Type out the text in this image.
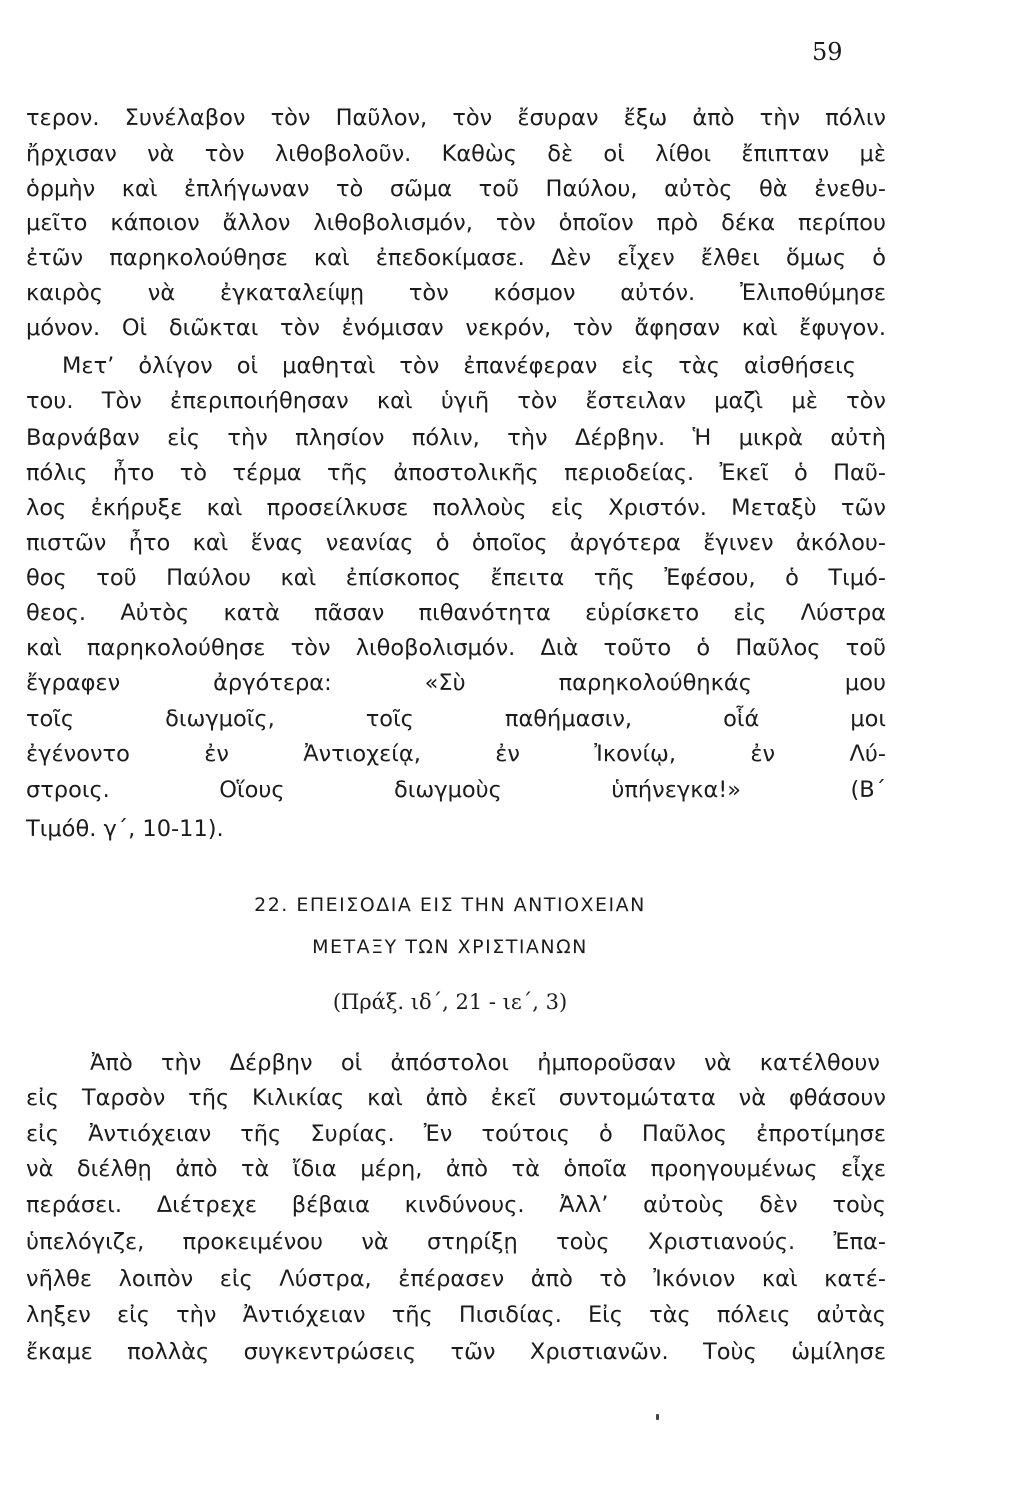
59
τερον. Συνέλαβον τὸν Παῦλον, τὸν ἔσυραν ἔξω ἀπὸ τὴν πόλιν
ἤρχισαν νὰ τὸν λιθοβολοῦν. Καθὼς δὲ οἱ λίθοι ἔπιπταν μὲ
ὁρμὴν καὶ ἐπλήγωναν τὸ σῶμα τοῦ Παύλου, αὐτὸς θὰ ἐνεθυ-
μεῖτο κάποιον ἄλλον λιθοβολισμόν, τὸν ὁποῖον πρὸ δέκα περίπου
ἐτῶν παρηκολούθησε καὶ ἐπεδοκίμασε. Δὲν εἶχεν ἔλθει ὅμως ὁ
καιρὸς νὰ ἐγκαταλείψῃ τὸν κόσμον αὐτόν. Ἐλιποθύμησε
μόνον. Οἱ διῶκται τὸν ἐνόμισαν νεκρόν, τὸν ἄφησαν καὶ ἔφυγον.
Μετ’ ὀλίγον οἱ μαθηταὶ τὸν ἐπανέφεραν εἰς τὰς αἰσθήσεις
του. Τὸν ἐπεριποιήθησαν καὶ ὑγιῆ τὸν ἔστειλαν μαζὶ μὲ τὸν
Βαρνάβαν εἰς τὴν πλησίον πόλιν, τὴν Δέρβην. Ἡ μικρὰ αὐτὴ
πόλις ἦτο τὸ τέρμα τῆς ἀποστολικῆς περιοδείας. Ἐκεῖ ὁ Παῦ-
λος ἐκήρυξε καὶ προσείλκυσε πολλοὺς εἰς Χριστόν. Μεταξὺ τῶν
πιστῶν ἦτο καὶ ἕνας νεανίας ὁ ὁποῖος ἀργότερα ἔγινεν ἀκόλου-
θος τοῦ Παύλου καὶ ἐπίσκοπος ἔπειτα τῆς Ἐφέσου, ὁ Τιμό-
θεος. Αὐτὸς κατὰ πᾶσαν πιθανότητα εὑρίσκετο εἰς Λύστρα
καὶ παρηκολούθησε τὸν λιθοβολισμόν. Διὰ τοῦτο ὁ Παῦλος τοῦ
ἔγραφεν ἀργότερα: «Σὺ παρηκολούθηκάς μου
τοῖς διωγμοῖς, τοῖς παθήμασιν, οἷά μοι
ἐγένοντο ἐν Ἀντιοχείᾳ, ἐν Ἰκονίῳ, ἐν Λύ-
στροις. Οἵους διωγμοὺς ὑπήνεγκα!» (Β΄
Τιμόθ. γ΄, 10-11).
22. ΕΠΕΙΣΟΔΙΑ ΕΙΣ ΤΗΝ ΑΝΤΙΟΧΕΙΑΝ
ΜΕΤΑΞΥ ΤΩΝ ΧΡΙΣΤΙΑΝΩΝ
(Πράξ. ιδ΄, 21 - ιε΄, 3)
Ἀπὸ τὴν Δέρβην οἱ ἀπόστολοι ἠμποροῦσαν νὰ κατέλθουν
εἰς Ταρσὸν τῆς Κιλικίας καὶ ἀπὸ ἐκεῖ συντομώτατα νὰ φθάσουν
εἰς Ἀντιόχειαν τῆς Συρίας. Ἐν τούτοις ὁ Παῦλος ἐπροτίμησε
νὰ διέλθῃ ἀπὸ τὰ ἴδια μέρη, ἀπὸ τὰ ὁποῖα προηγουμένως εἶχε
περάσει. Διέτρεχε βέβαια κινδύνους. Ἀλλ’ αὐτοὺς δὲν τοὺς
ὑπελόγιζε, προκειμένου νὰ στηρίξῃ τοὺς Χριστιανούς. Ἐπα-
νῆλθε λοιπὸν εἰς Λύστρα, ἐπέρασεν ἀπὸ τὸ Ἰκόνιον καὶ κατέ-
ληξεν εἰς τὴν Ἀντιόχειαν τῆς Πισιδίας. Εἰς τὰς πόλεις αὐτὰς
ἔκαμε πολλὰς συγκεντρώσεις τῶν Χριστιανῶν. Τοὺς ὡμίλησε
